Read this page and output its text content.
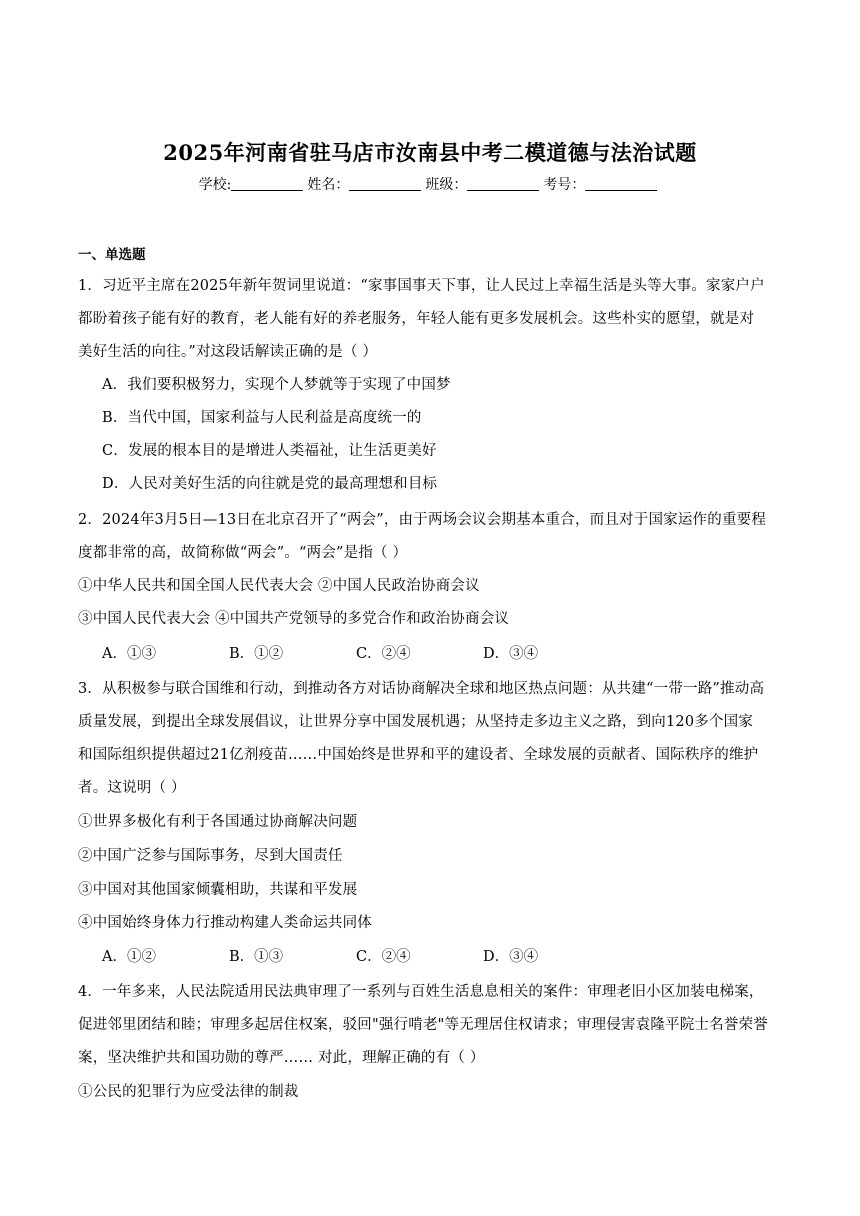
2025年河南省驻马店市汝南县中考二模道德与法治试题
学校:	姓名：	班级：	考号：
一、单选题
1．习近平主席在2025年新年贺词里说道：“家事国事天下事，让人民过上幸福生活是头等大事。家家户户
都盼着孩子能有好的教育，老人能有好的养老服务，年轻人能有更多发展机会。这些朴实的愿望，就是对
美好生活的向往。”对这段话解读正确的是（ ）
A．我们要积极努力，实现个人梦就等于实现了中国梦
B．当代中国，国家利益与人民利益是高度统一的
C．发展的根本目的是增进人类福祉，让生活更美好
D．人民对美好生活的向往就是党的最高理想和目标
2．2024年3月5日—13日在北京召开了“两会”，由于两场会议会期基本重合，而且对于国家运作的重要程
度都非常的高，故简称做“两会”。“两会”是指（ ）
①中华人民共和国全国人民代表大会 ②中国人民政治协商会议
③中国人民代表大会 ④中国共产党领导的多党合作和政治协商会议
A．①③	B．①②	C．②④	D．③④
3．从积极参与联合国维和行动，到推动各方对话协商解决全球和地区热点问题：从共建“一带一路”推动高
质量发展，到提出全球发展倡议，让世界分享中国发展机遇；从坚持走多边主义之路，到向120多个国家
和国际组织提供超过21亿剂疫苗……中国始终是世界和平的建设者、全球发展的贡献者、国际秩序的维护
者。这说明（ ）
①世界多极化有利于各国通过协商解决问题
②中国广泛参与国际事务，尽到大国责任
③中国对其他国家倾囊相助，共谋和平发展
④中国始终身体力行推动构建人类命运共同体
A．①②	B．①③	C．②④	D．③④
4．一年多来，人民法院适用民法典审理了一系列与百姓生活息息相关的案件：审理老旧小区加装电梯案，
促进邻里团结和睦；审理多起居住权案，驳回"强行啃老"等无理居住权请求；审理侵害袁隆平院士名誉荣誉
案，坚决维护共和国功勋的尊严…… 对此，理解正确的有（ ）
①公民的犯罪行为应受法律的制裁
